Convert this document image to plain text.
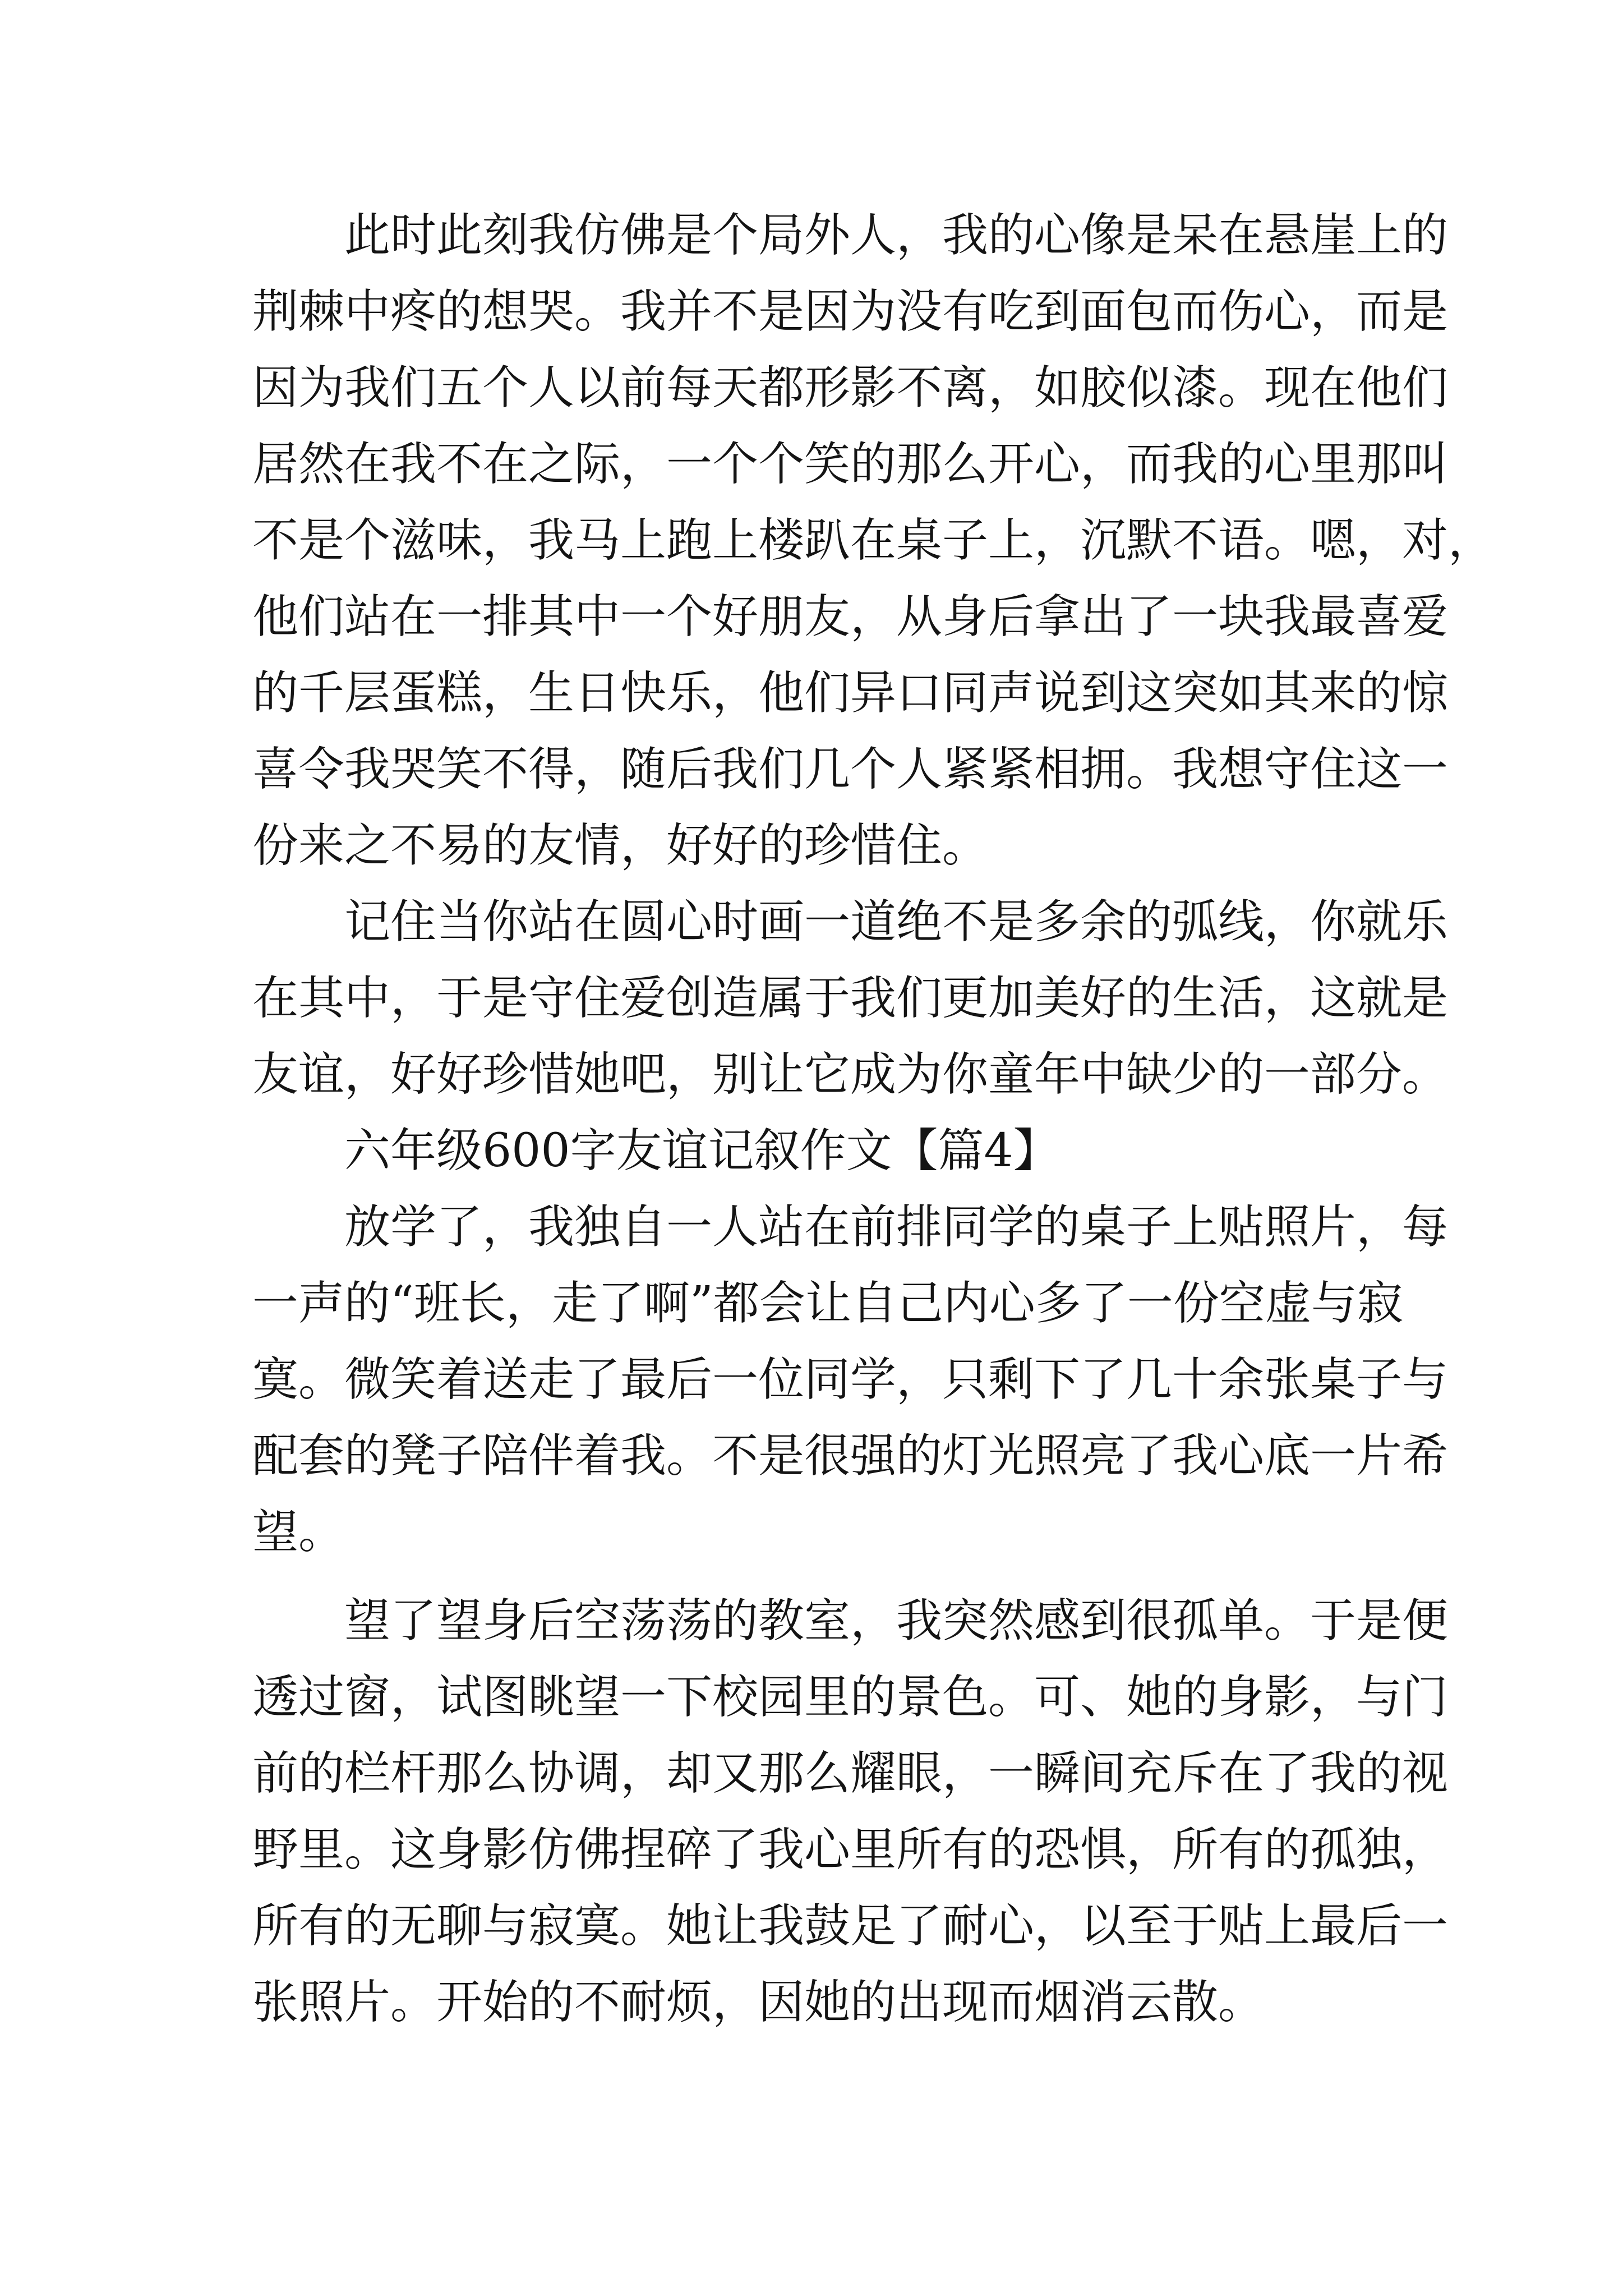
此时此刻我仿佛是个局外人，我的心像是呆在悬崖上的
荆棘中疼的想哭。我并不是因为没有吃到面包而伤心，而是
因为我们五个人以前每天都形影不离，如胶似漆。现在他们
居然在我不在之际，一个个笑的那么开心，而我的心里那叫
不是个滋味，我马上跑上楼趴在桌子上，沉默不语。嗯，对，
他们站在一排其中一个好朋友，从身后拿出了一块我最喜爱
的千层蛋糕，生日快乐，他们异口同声说到这突如其来的惊
喜令我哭笑不得，随后我们几个人紧紧相拥。我想守住这一
份来之不易的友情，好好的珍惜住。
记住当你站在圆心时画一道绝不是多余的弧线，你就乐
在其中，于是守住爱创造属于我们更加美好的生活，这就是
友谊，好好珍惜她吧，别让它成为你童年中缺少的一部分。
六年级600字友谊记叙作文【篇4】
放学了，我独自一人站在前排同学的桌子上贴照片，每
一声的“班长，走了啊”都会让自己内心多了一份空虚与寂
寞。微笑着送走了最后一位同学，只剩下了几十余张桌子与
配套的凳子陪伴着我。不是很强的灯光照亮了我心底一片希
望。
望了望身后空荡荡的教室，我突然感到很孤单。于是便
透过窗，试图眺望一下校园里的景色。可、她的身影，与门
前的栏杆那么协调，却又那么耀眼，一瞬间充斥在了我的视
野里。这身影仿佛捏碎了我心里所有的恐惧，所有的孤独，
所有的无聊与寂寞。她让我鼓足了耐心，以至于贴上最后一
张照片。开始的不耐烦，因她的出现而烟消云散。
